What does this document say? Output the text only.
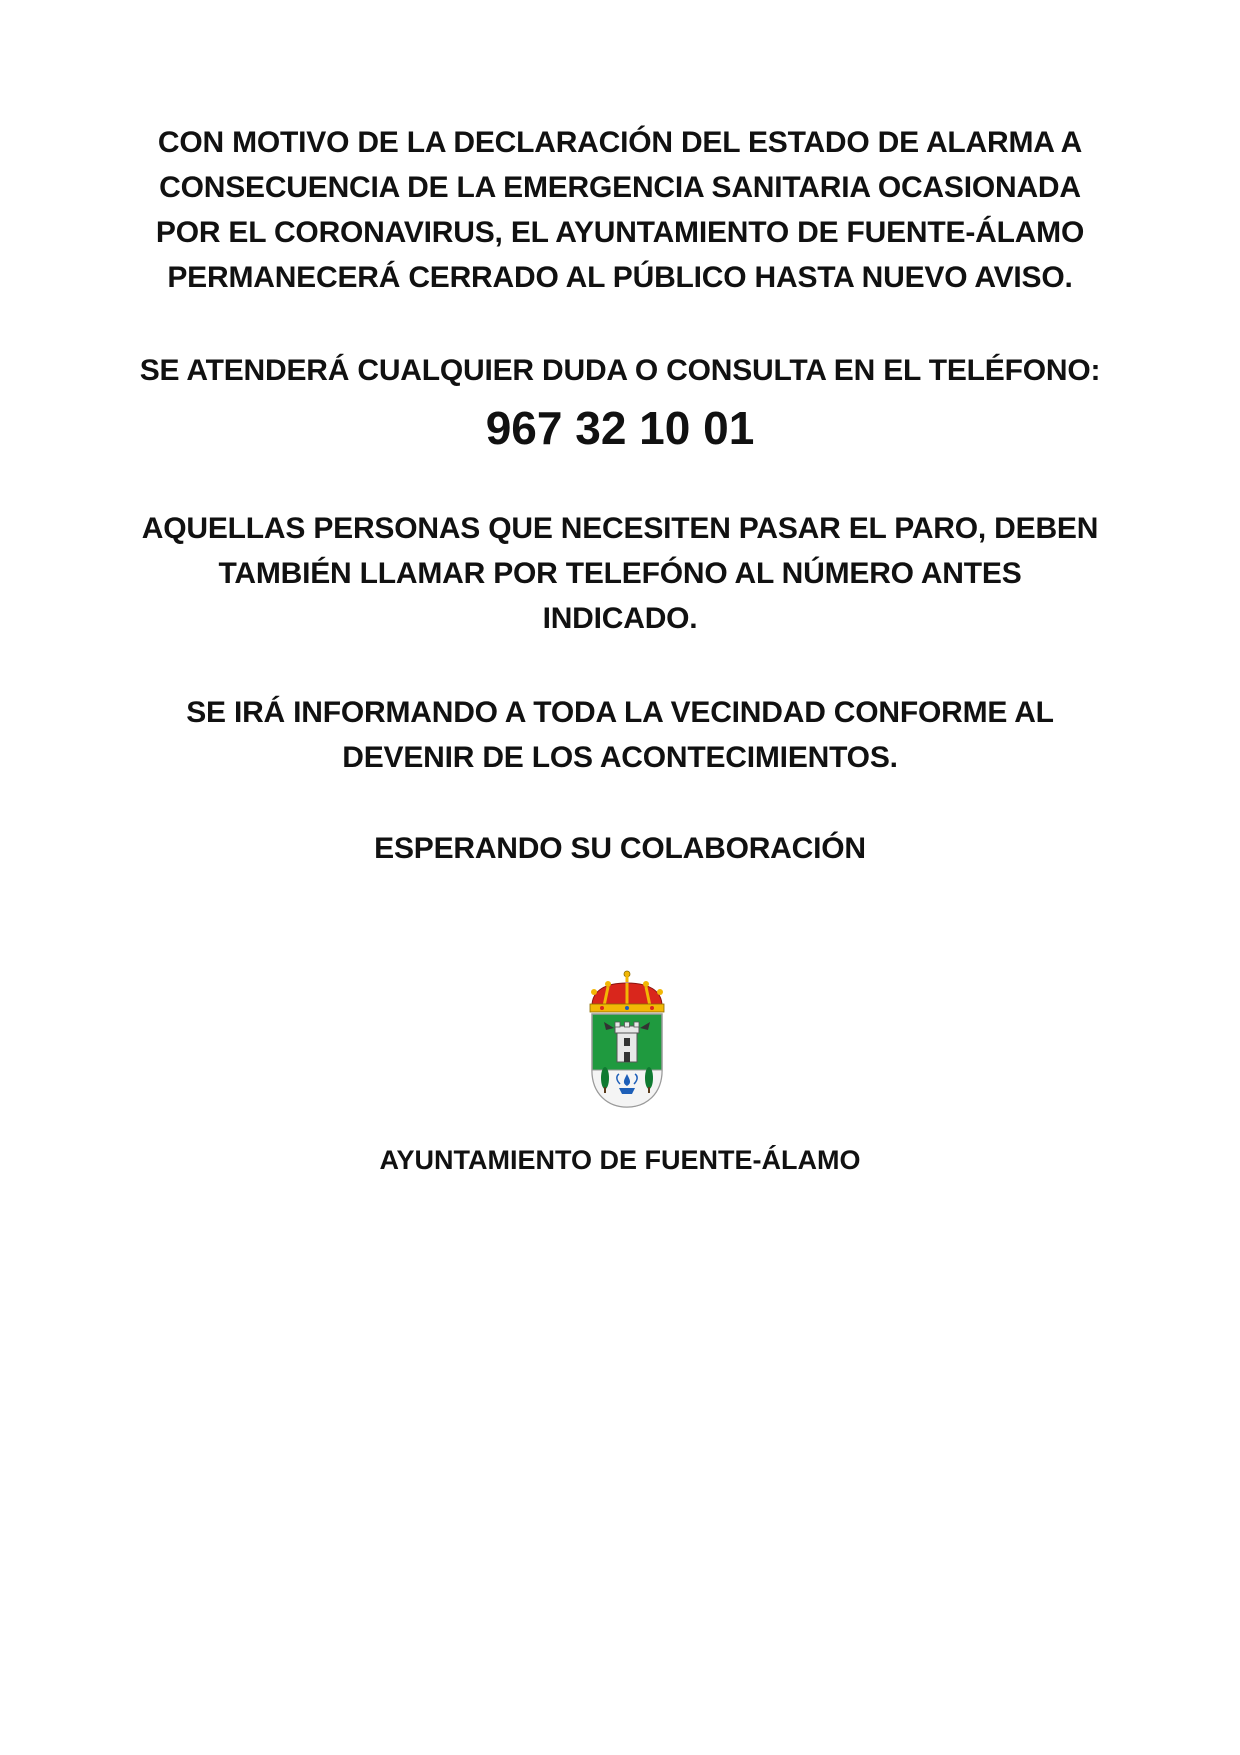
CON MOTIVO DE LA DECLARACIÓN DEL ESTADO DE ALARMA A
CONSECUENCIA DE LA EMERGENCIA SANITARIA OCASIONADA
POR EL CORONAVIRUS, EL AYUNTAMIENTO DE FUENTE-ÁLAMO
PERMANECERÁ CERRADO AL PÚBLICO HASTA NUEVO AVISO.

SE ATENDERÁ CUALQUIER DUDA O CONSULTA EN EL TELÉFONO:

967 32 10 01

AQUELLAS PERSONAS QUE NECESITEN PASAR EL PARO, DEBEN
TAMBIÉN LLAMAR POR TELEFÓNO AL NÚMERO ANTES
INDICADO.

SE IRÁ INFORMANDO A TODA LA VECINDAD CONFORME AL
DEVENIR DE LOS ACONTECIMIENTOS.

ESPERANDO SU COLABORACIÓN

AYUNTAMIENTO DE FUENTE-ÁLAMO
